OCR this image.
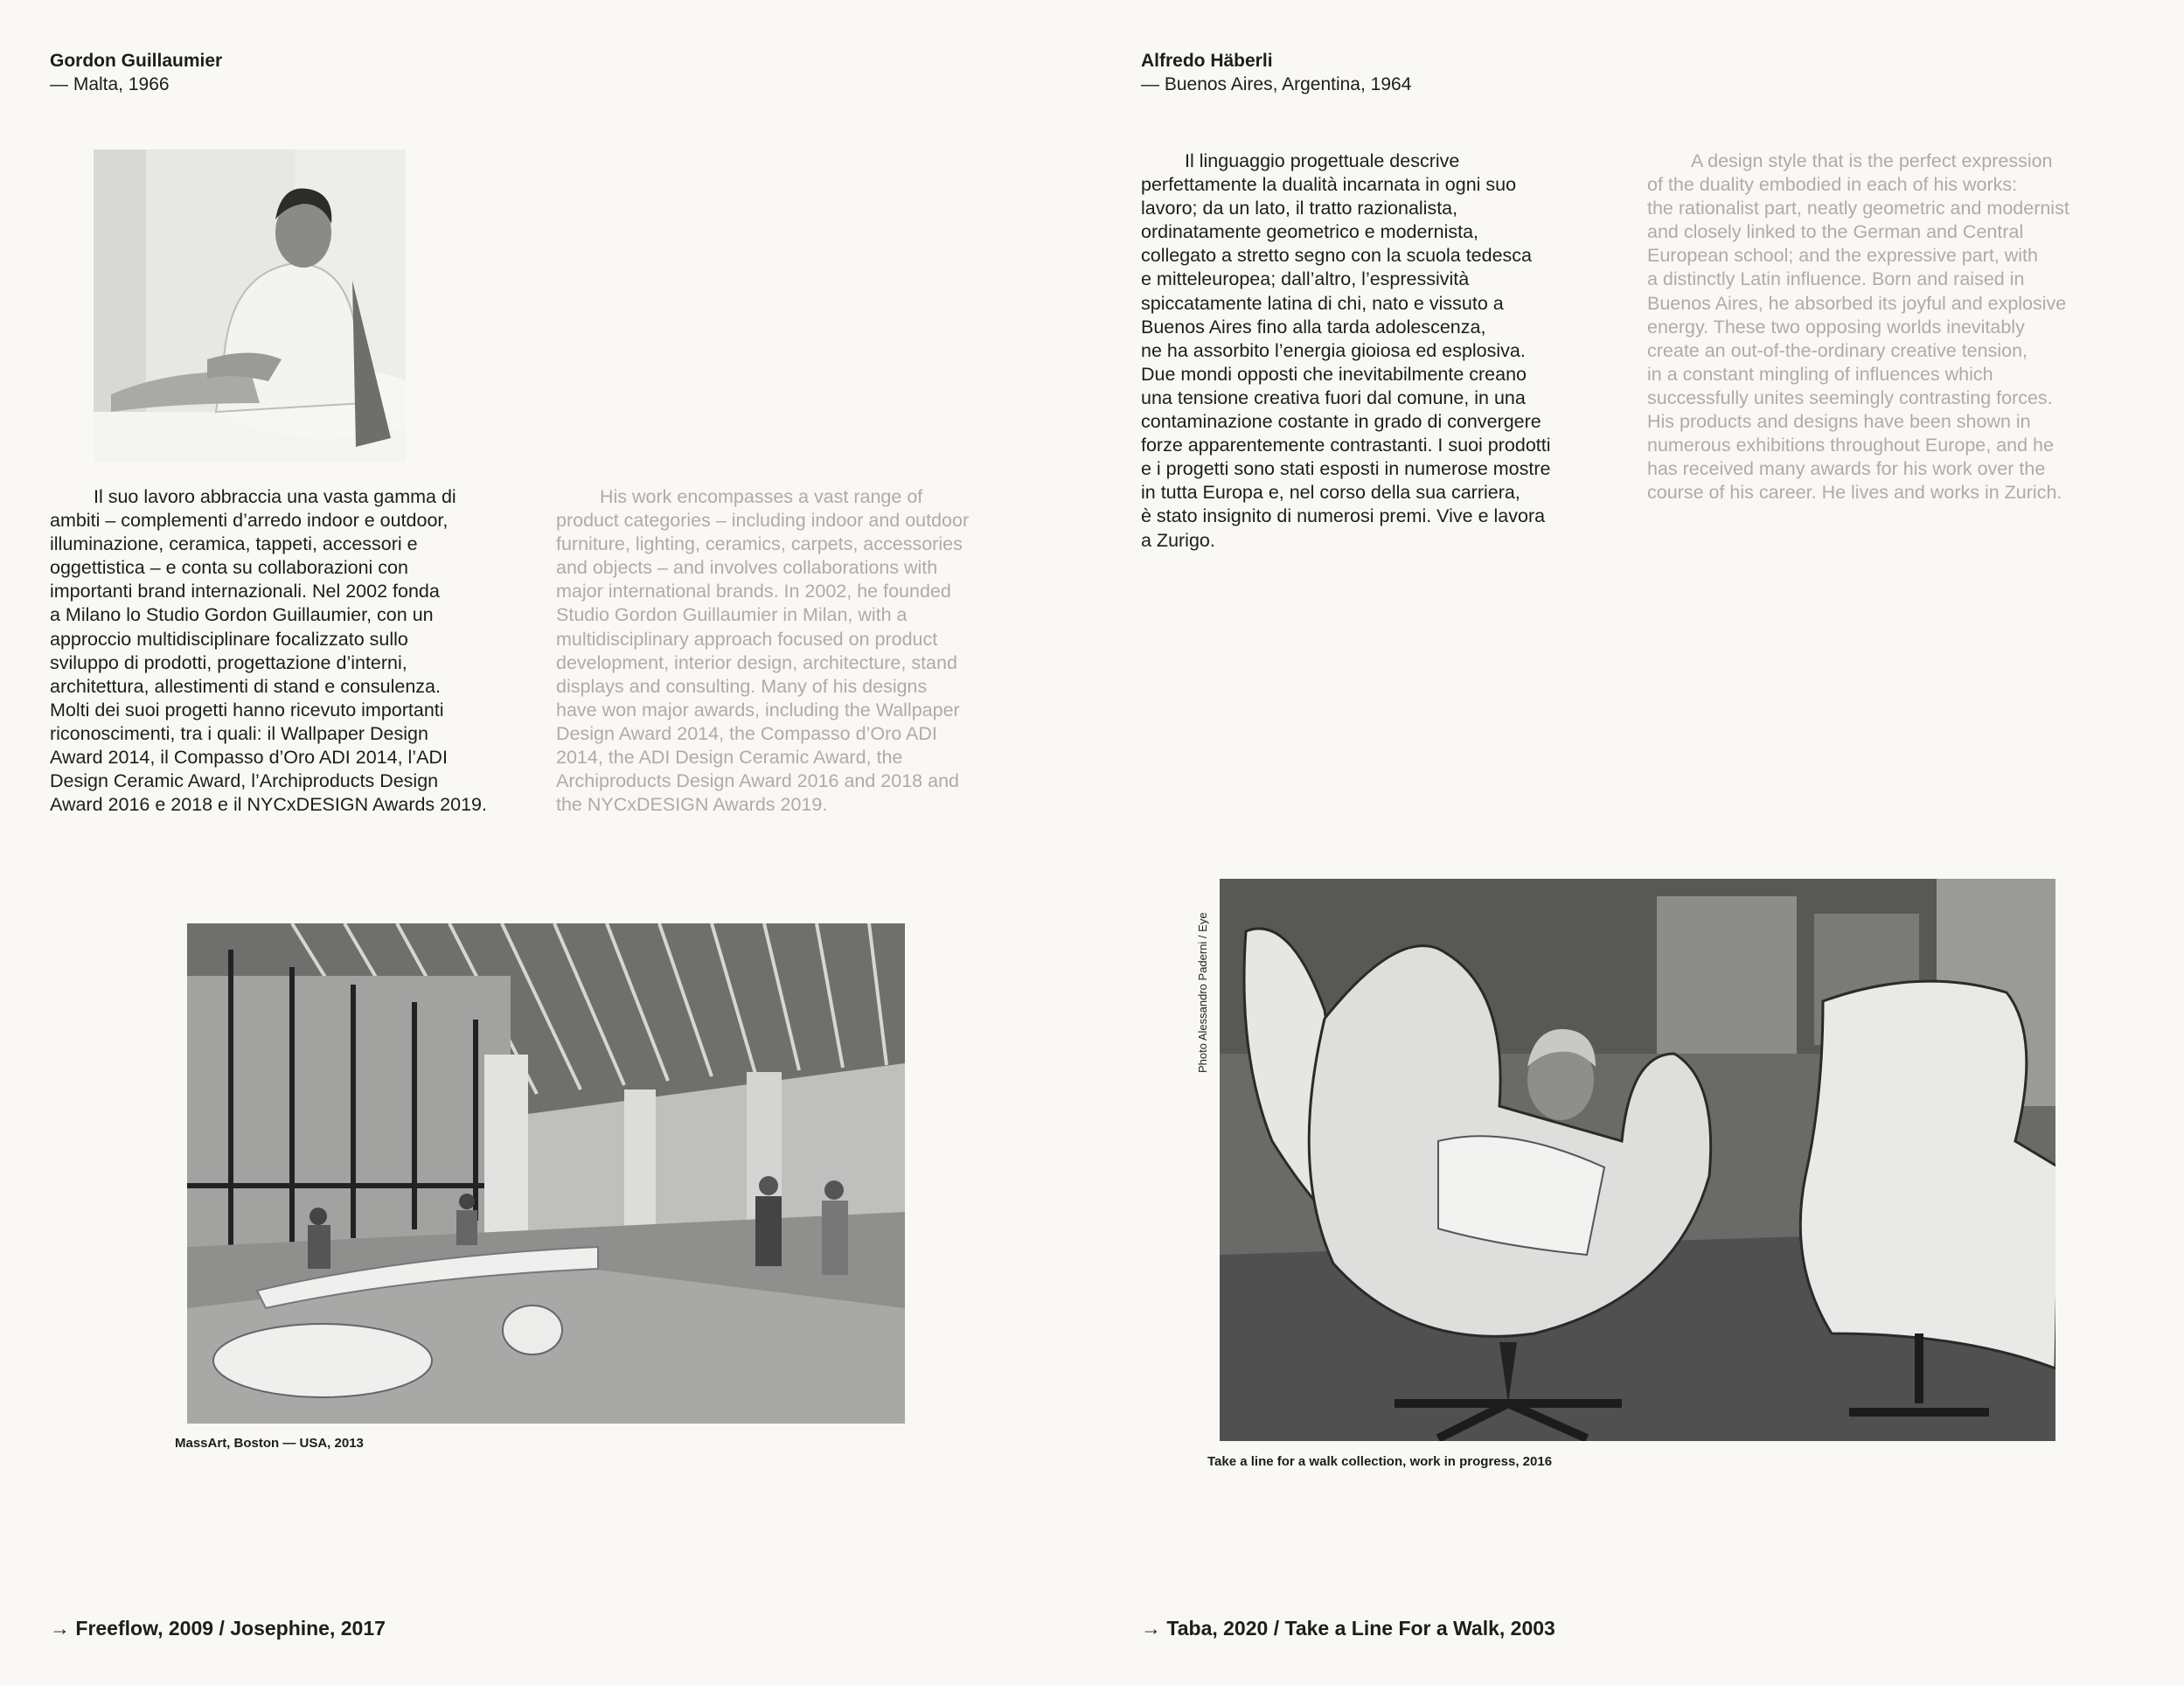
Gordon Guillaumier
— Malta, 1966

Il suo lavoro abbraccia una vasta gamma di
ambiti – complementi d’arredo indoor e outdoor,
illuminazione, ceramica, tappeti, accessori e
oggettistica – e conta su collaborazioni con
importanti brand internazionali. Nel 2002 fonda
a Milano lo Studio Gordon Guillaumier, con un
approccio multidisciplinare focalizzato sullo
sviluppo di prodotti, progettazione d’interni,
architettura, allestimenti di stand e consulenza.
Molti dei suoi progetti hanno ricevuto importanti
riconoscimenti, tra i quali: il Wallpaper Design
Award 2014, il Compasso d’Oro ADI 2014, l’ADI
Design Ceramic Award, l’Archiproducts Design
Award 2016 e 2018 e il NYCxDESIGN Awards 2019.

His work encompasses a vast range of
product categories – including indoor and outdoor
furniture, lighting, ceramics, carpets, accessories
and objects – and involves collaborations with
major international brands. In 2002, he founded
Studio Gordon Guillaumier in Milan, with a
multidisciplinary approach focused on product
development, interior design, architecture, stand
displays and consulting. Many of his designs
have won major awards, including the Wallpaper
Design Award 2014, the Compasso d’Oro ADI
2014, the ADI Design Ceramic Award, the
Archiproducts Design Award 2016 and 2018 and
the NYCxDESIGN Awards 2019.

MassArt, Boston — USA, 2013
→ Freeflow, 2009 / Josephine, 2017
Alfredo Häberli
— Buenos Aires, Argentina, 1964

Il linguaggio progettuale descrive
perfettamente la dualità incarnata in ogni suo
lavoro; da un lato, il tratto razionalista,
ordinatamente geometrico e modernista,
collegato a stretto segno con la scuola tedesca
e mitteleuropea; dall’altro, l’espressività
spiccatamente latina di chi, nato e vissuto a
Buenos Aires fino alla tarda adolescenza,
ne ha assorbito l’energia gioiosa ed esplosiva.
Due mondi opposti che inevitabilmente creano
una tensione creativa fuori dal comune, in una
contaminazione costante in grado di convergere
forze apparentemente contrastanti. I suoi prodotti
e i progetti sono stati esposti in numerose mostre
in tutta Europa e, nel corso della sua carriera,
è stato insignito di numerosi premi. Vive e lavora
a Zurigo.

A design style that is the perfect expression
of the duality embodied in each of his works:
the rationalist part, neatly geometric and modernist
and closely linked to the German and Central
European school; and the expressive part, with
a distinctly Latin influence. Born and raised in
Buenos Aires, he absorbed its joyful and explosive
energy. These two opposing worlds inevitably
create an out-of-the-ordinary creative tension,
in a constant mingling of influences which
successfully unites seemingly contrasting forces.
His products and designs have been shown in
numerous exhibitions throughout Europe, and he
has received many awards for his work over the
course of his career. He lives and works in Zurich.

Photo Alessandro Paderni / Eye
Take a line for a walk collection, work in progress, 2016
→ Taba, 2020 / Take a Line For a Walk, 2003
